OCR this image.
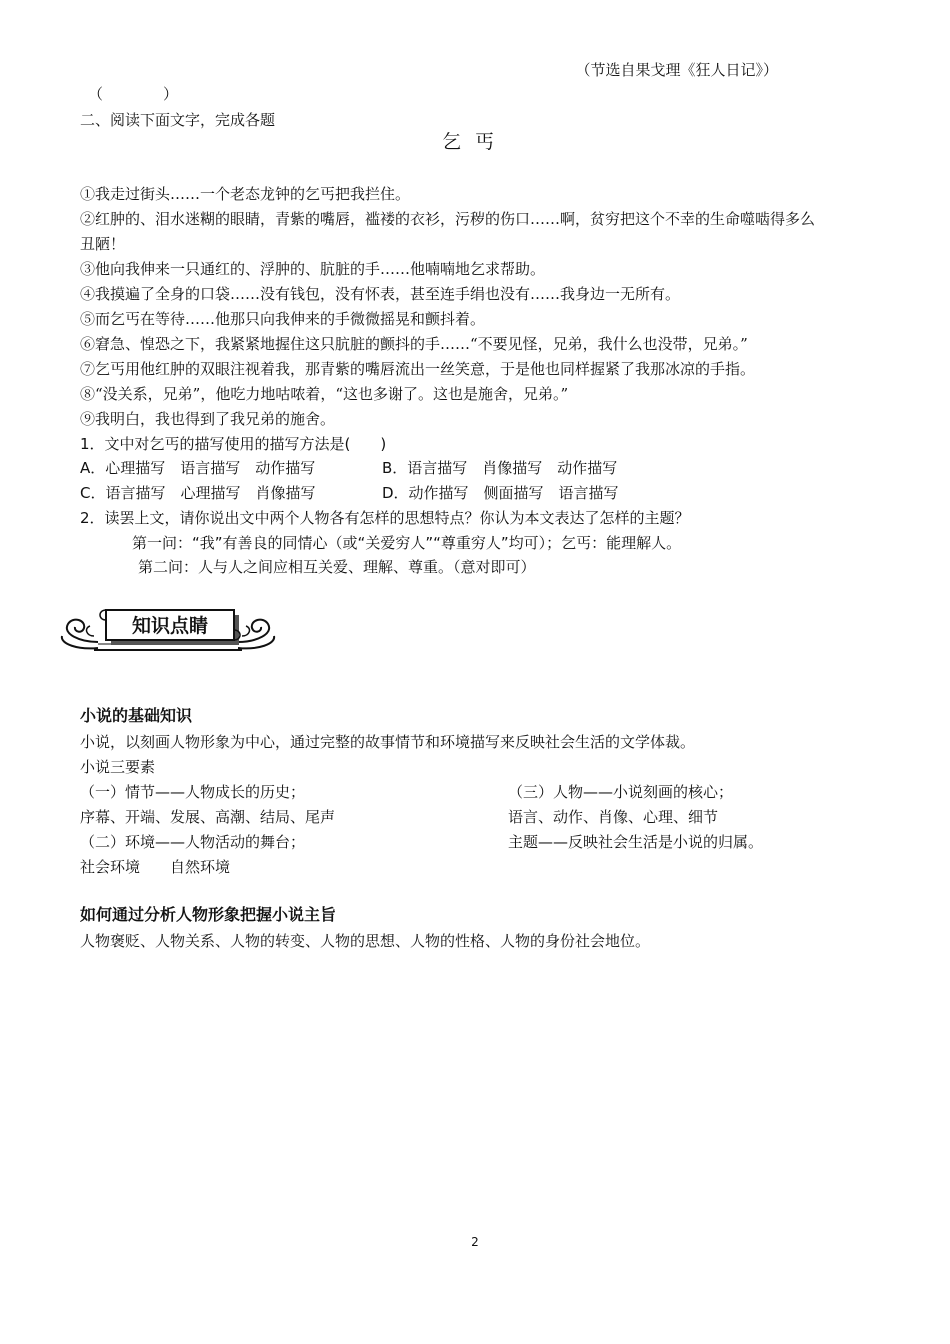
（节选自果戈理《狂人日记》）
（　　　　）
二、阅读下面文字，完成各题
乞丐
①我走过街头……一个老态龙钟的乞丐把我拦住。
②红肿的、泪水迷糊的眼睛，青紫的嘴唇，褴褛的衣衫，污秽的伤口……啊，贫穷把这个不幸的生命噬啮得多么
丑陋！
③他向我伸来一只通红的、浮肿的、肮脏的手……他喃喃地乞求帮助。
④我摸遍了全身的口袋……没有钱包，没有怀表，甚至连手绢也没有……我身边一无所有。
⑤而乞丐在等待……他那只向我伸来的手微微摇晃和颤抖着。
⑥窘急、惶恐之下，我紧紧地握住这只肮脏的颤抖的手……“不要见怪，兄弟，我什么也没带，兄弟。”
⑦乞丐用他红肿的双眼注视着我，那青紫的嘴唇流出一丝笑意，于是他也同样握紧了我那冰凉的手指。
⑧“没关系，兄弟”，他吃力地咕哝着，“这也多谢了。这也是施舍，兄弟。”
⑨我明白，我也得到了我兄弟的施舍。
1．文中对乞丐的描写使用的描写方法是(　　)
A．心理描写　语言描写　动作描写	B．语言描写　肖像描写　动作描写
C．语言描写　心理描写　肖像描写	D．动作描写　侧面描写　语言描写
2．读罢上文，请你说出文中两个人物各有怎样的思想特点？你认为本文表达了怎样的主题？
第一问：“我”有善良的同情心（或“关爱穷人”“尊重穷人”均可）；乞丐：能理解人。
第二问：人与人之间应相互关爱、理解、尊重。（意对即可）
知识点睛
小说的基础知识
小说，以刻画人物形象为中心，通过完整的故事情节和环境描写来反映社会生活的文学体裁。
小说三要素
（一）情节——人物成长的历史；	（三）人物——小说刻画的核心；
序幕、开端、发展、高潮、结局、尾声	语言、动作、肖像、心理、细节
（二）环境——人物活动的舞台；	主题——反映社会生活是小说的归属。
社会环境　　自然环境
如何通过分析人物形象把握小说主旨
人物褒贬、人物关系、人物的转变、人物的思想、人物的性格、人物的身份社会地位。
2
